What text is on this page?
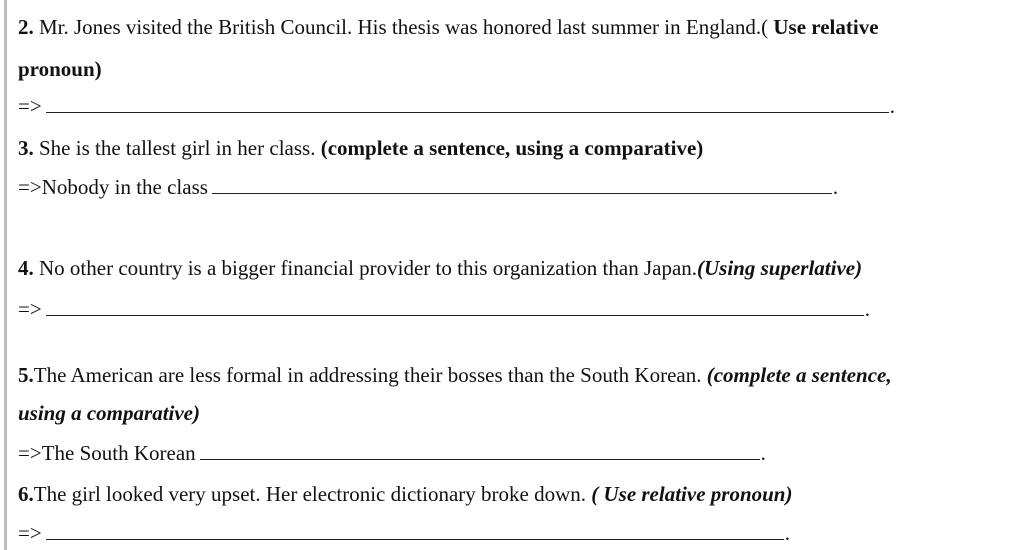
2. Mr. Jones visited the British Council. His thesis was honored last summer in England.( Use relative
pronoun)
=>	.
3. She is the tallest girl in her class. (complete a sentence, using a comparative)
=> Nobody in the class	.
4. No other country is a bigger financial provider to this organization than Japan.(Using superlative)
=>	.
5.The American are less formal in addressing their bosses than the South Korean. (complete a sentence,
using a comparative)
=> The South Korean	.
6.The girl looked very upset. Her electronic dictionary broke down. ( Use relative pronoun)
=>	.
